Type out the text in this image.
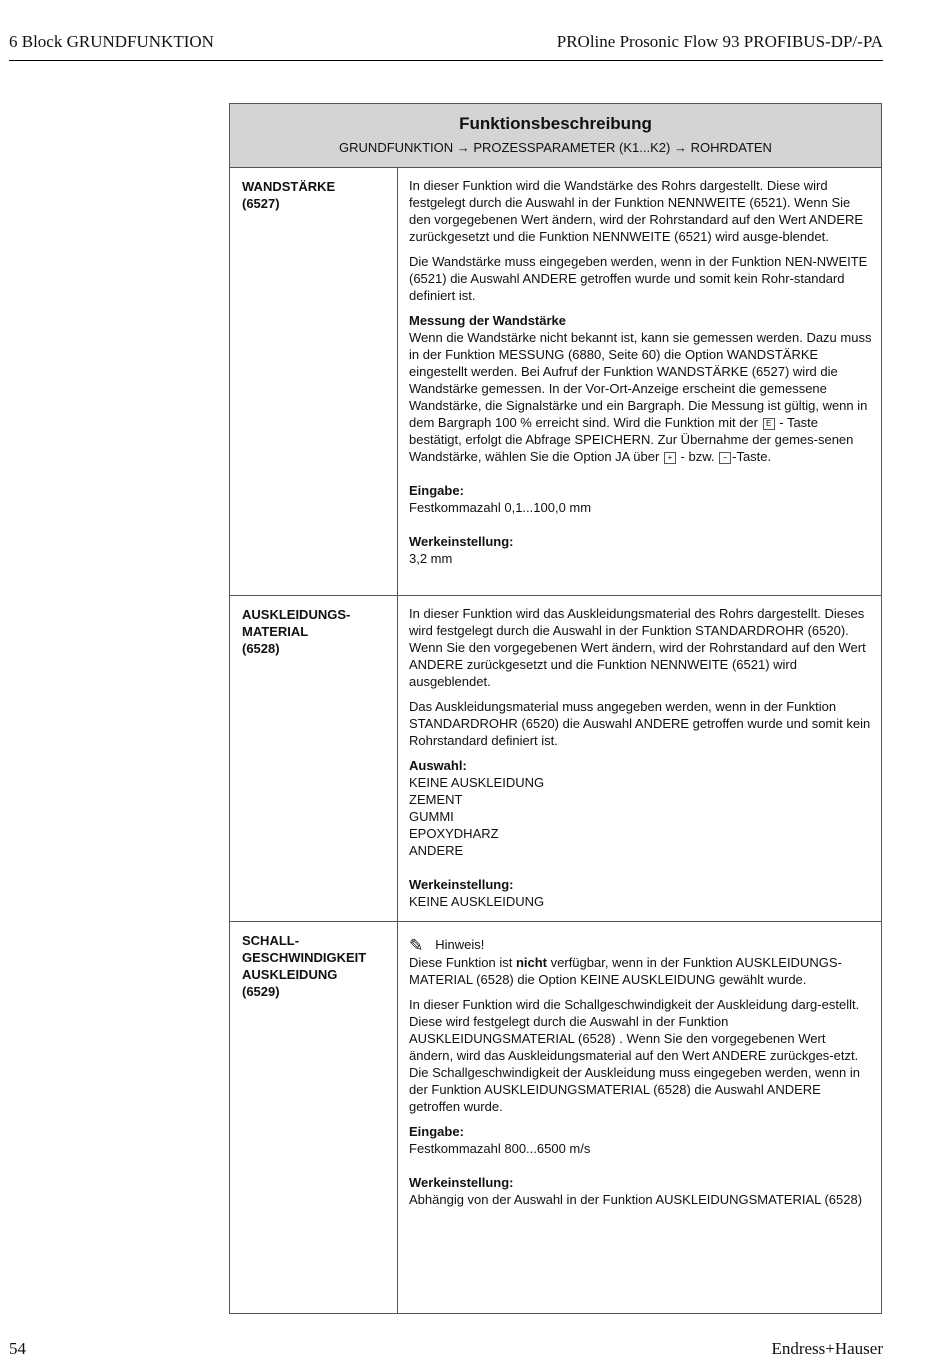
6 Block GRUNDFUNKTION	PROline Prosonic Flow 93 PROFIBUS-DP/-PA
Funktionsbeschreibung
GRUNDFUNKTION → PROZESSPARAMETER (K1...K2) → ROHRDATEN
WANDSTÄRKE
(6527)

In dieser Funktion wird die Wandstärke des Rohrs dargestellt. Diese wird festgelegt durch die Auswahl in der Funktion NENNWEITE (6521). Wenn Sie den vorgegebenen Wert ändern, wird der Rohrstandard auf den Wert ANDERE zurückgesetzt und die Funktion NENNWEITE (6521) wird ausge-blendet.

Die Wandstärke muss eingegeben werden, wenn in der Funktion NEN-NWEITE (6521) die Auswahl ANDERE getroffen wurde und somit kein Rohr-standard definiert ist.

Messung der Wandstärke
Wenn die Wandstärke nicht bekannt ist, kann sie gemessen werden. Dazu muss in der Funktion MESSUNG (6880, Seite 60) die Option WANDSTÄRKE eingestellt werden. Bei Aufruf der Funktion WANDSTÄRKE (6527) wird die Wandstärke gemessen. In der Vor-Ort-Anzeige erscheint die gemessene Wandstärke, die Signalstärke und ein Bargraph. Die Messung ist gültig, wenn in dem Bargraph 100 % erreicht sind. Wird die Funktion mit der E - Taste bestätigt, erfolgt die Abfrage SPEICHERN. Zur Übernahme der gemes-senen Wandstärke, wählen Sie die Option JA über + - bzw. − -Taste.

Eingabe:
Festkommazahl 0,1...100,0 mm
Werkeinstellung:
3,2 mm
AUSKLEIDUNGS-
MATERIAL
(6528)

In dieser Funktion wird das Auskleidungsmaterial des Rohrs dargestellt. Dieses wird festgelegt durch die Auswahl in der Funktion STANDARDROHR (6520). Wenn Sie den vorgegebenen Wert ändern, wird der Rohrstandard auf den Wert ANDERE zurückgesetzt und die Funktion NENNWEITE (6521) wird ausgeblendet.

Das Auskleidungsmaterial muss angegeben werden, wenn in der Funktion STANDARDROHR (6520) die Auswahl ANDERE getroffen wurde und somit kein Rohrstandard definiert ist.

Auswahl:
KEINE AUSKLEIDUNG
ZEMENT
GUMMI
EPOXYDHARZ
ANDERE
Werkeinstellung:
KEINE AUSKLEIDUNG
SCHALL-
GESCHWINDIGKEIT
AUSKLEIDUNG
(6529)
✎ Hinweis!

Diese Funktion ist nicht verfügbar, wenn in der Funktion AUSKLEIDUNGS-MATERIAL (6528) die Option KEINE AUSKLEIDUNG gewählt wurde.

In dieser Funktion wird die Schallgeschwindigkeit der Auskleidung darg-estellt. Diese wird festgelegt durch die Auswahl in der Funktion AUSKLEIDUNGSMATERIAL (6528) . Wenn Sie den vorgegebenen Wert ändern, wird das Auskleidungsmaterial auf den Wert ANDERE zurückges-etzt.

Die Schallgeschwindigkeit der Auskleidung muss eingegeben werden, wenn in der Funktion AUSKLEIDUNGSMATERIAL (6528) die Auswahl ANDERE getroffen wurde.

Eingabe:
Festkommazahl 800...6500 m/s
Werkeinstellung:
Abhängig von der Auswahl in der Funktion AUSKLEIDUNGSMATERIAL (6528)
54	Endress+Hauser
